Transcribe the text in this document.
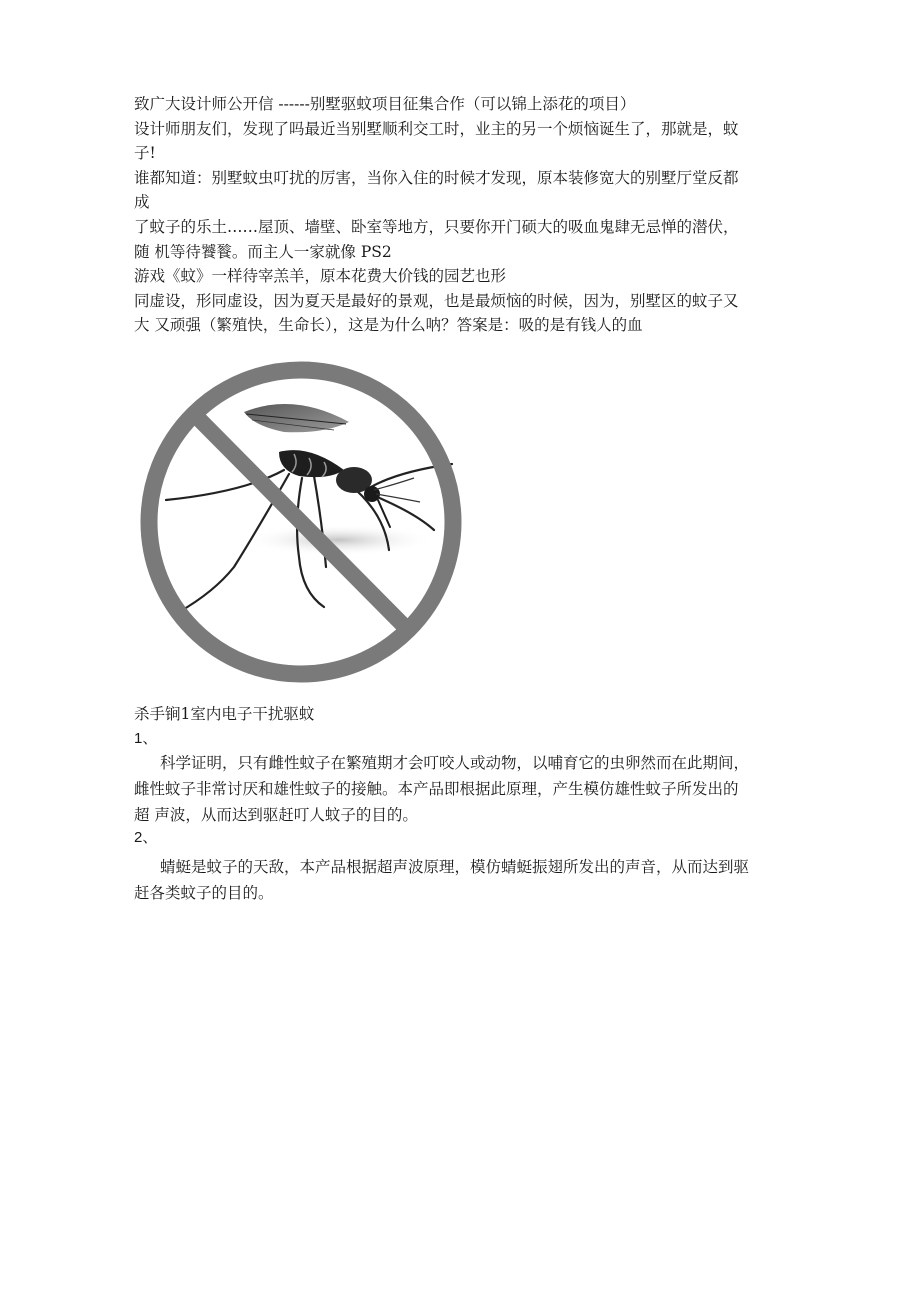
致广大设计师公开信 ------别墅驱蚊项目征集合作（可以锦上添花的项目）
设计师朋友们，发现了吗最近当别墅顺利交工时，业主的另一个烦恼诞生了，那就是，蚊
子!
谁都知道：别墅蚊虫叮扰的厉害，当你入住的时候才发现，原本装修宽大的别墅厅堂反都
成
了蚊子的乐土……屋顶、墙壁、卧室等地方，只要你开门硕大的吸血鬼肆无忌惮的潜伏，
随 机等待饕餮。而主人一家就像 PS2
游戏《蚊》一样待宰羔羊，原本花费大价钱的园艺也形
同虚设，形同虚设，因为夏天是最好的景观，也是最烦恼的时候，因为，别墅区的蚊子又
大 又顽强（繁殖快，生命长），这是为什么呐？答案是：吸的是有钱人的血
杀手锏1室内电子干扰驱蚊
1、
科学证明，只有雌性蚊子在繁殖期才会叮咬人或动物，以哺育它的虫卵然而在此期间，
雌性蚊子非常讨厌和雄性蚊子的接触。本产品即根据此原理，产生模仿雄性蚊子所发出的
超 声波，从而达到驱赶叮人蚊子的目的。
2、
蜻蜓是蚊子的天敌，本产品根据超声波原理，模仿蜻蜓振翅所发出的声音，从而达到驱
赶各类蚊子的目的。
